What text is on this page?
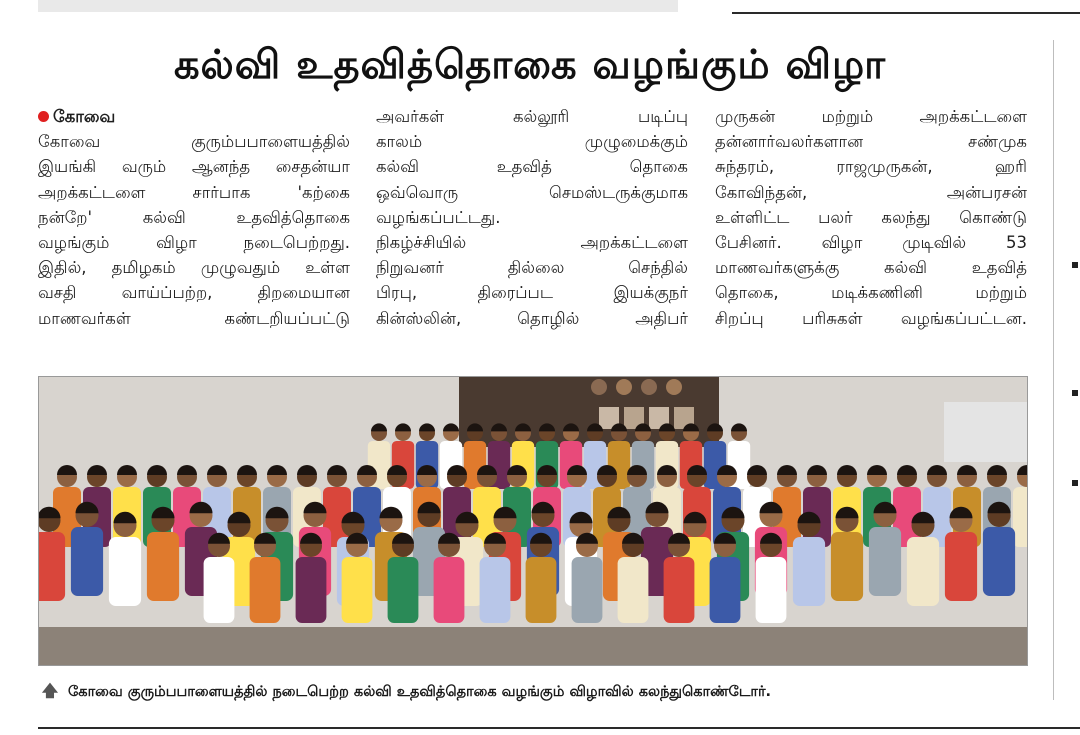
கல்வி உதவித்தொகை வழங்கும் விழா
கோவை
கோவை குரும்பபாளையத்தில்
இயங்கி வரும் ஆனந்த சைதன்யா
அறக்கட்டளை சார்பாக 'கற்கை
நன்றே' கல்வி உதவித்தொகை
வழங்கும் விழா நடைபெற்றது.
இதில், தமிழகம் முழுவதும் உள்ள
வசதி வாய்ப்பற்ற, திறமையான
மாணவர்கள் கண்டறியப்பட்டு
அவர்கள் கல்லூரி படிப்பு
காலம் முழுமைக்கும்
கல்வி உதவித் தொகை
ஒவ்வொரு செமஸ்டருக்குமாக
வழங்கப்பட்டது.
நிகழ்ச்சியில் அறக்கட்டளை
நிறுவனர் தில்லை செந்தில்
பிரபு, திரைப்பட இயக்குநர்
கின்ஸ்லின், தொழில் அதிபர்
முருகன் மற்றும் அறக்கட்டளை
தன்னார்வலர்களான சண்முக
சுந்தரம், ராஜமுருகன், ஹரி
கோவிந்தன், அன்பரசன்
உள்ளிட்ட பலர் கலந்து கொண்டு
பேசினர். விழா முடிவில் 53
மாணவர்களுக்கு கல்வி உதவித்
தொகை, மடிக்கணினி மற்றும்
சிறப்பு பரிசுகள் வழங்கப்பட்டன.
🡅 கோவை குரும்பபாளையத்தில் நடைபெற்ற கல்வி உதவித்தொகை வழங்கும் விழாவில் கலந்துகொண்டோர்.
